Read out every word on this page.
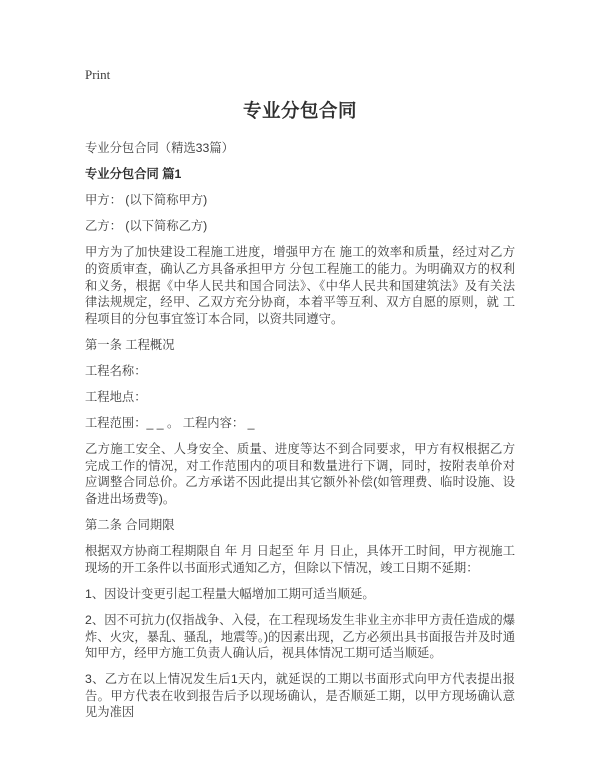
Print
专业分包合同

专业分包合同（精选33篇）

专业分包合同 篇1

甲方： (以下简称甲方)

乙方： (以下简称乙方)

甲方为了加快建设工程施工进度，增强甲方在 施工的效率和质量，经过对乙方的资质审查，确认乙方具备承担甲方 分包工程施工的能力。为明确双方的权利和义务，根据《中华人民共和国合同法》、《中华人民共和国建筑法》及有关法律法规规定，经甲、乙双方充分协商，本着平等互利、双方自愿的原则，就 工程项目的分包事宜签订本合同，以资共同遵守。

第一条 工程概况

工程名称：

工程地点：

工程范围：_ _ 。 工程内容： _

乙方施工安全、人身安全、质量、进度等达不到合同要求，甲方有权根据乙方完成工作的情况，对工作范围内的项目和数量进行下调，同时，按附表单价对应调整合同总价。乙方承诺不因此提出其它额外补偿(如管理费、临时设施、设备进出场费等)。

第二条 合同期限

根据双方协商工程期限自 年 月 日起至 年 月 日止，具体开工时间，甲方视施工现场的开工条件以书面形式通知乙方，但除以下情况，竣工日期不延期：

1、因设计变更引起工程量大幅增加工期可适当顺延。

2、因不可抗力(仅指战争、入侵，在工程现场发生非业主亦非甲方责任造成的爆炸、火灾，暴乱、骚乱，地震等。)的因素出现，乙方必须出具书面报告并及时通知甲方，经甲方施工负责人确认后，视具体情况工期可适当顺延。

3、乙方在以上情况发生后1天内，就延误的工期以书面形式向甲方代表提出报告。甲方代表在收到报告后予以现场确认，是否顺延工期，以甲方现场确认意见为准因
